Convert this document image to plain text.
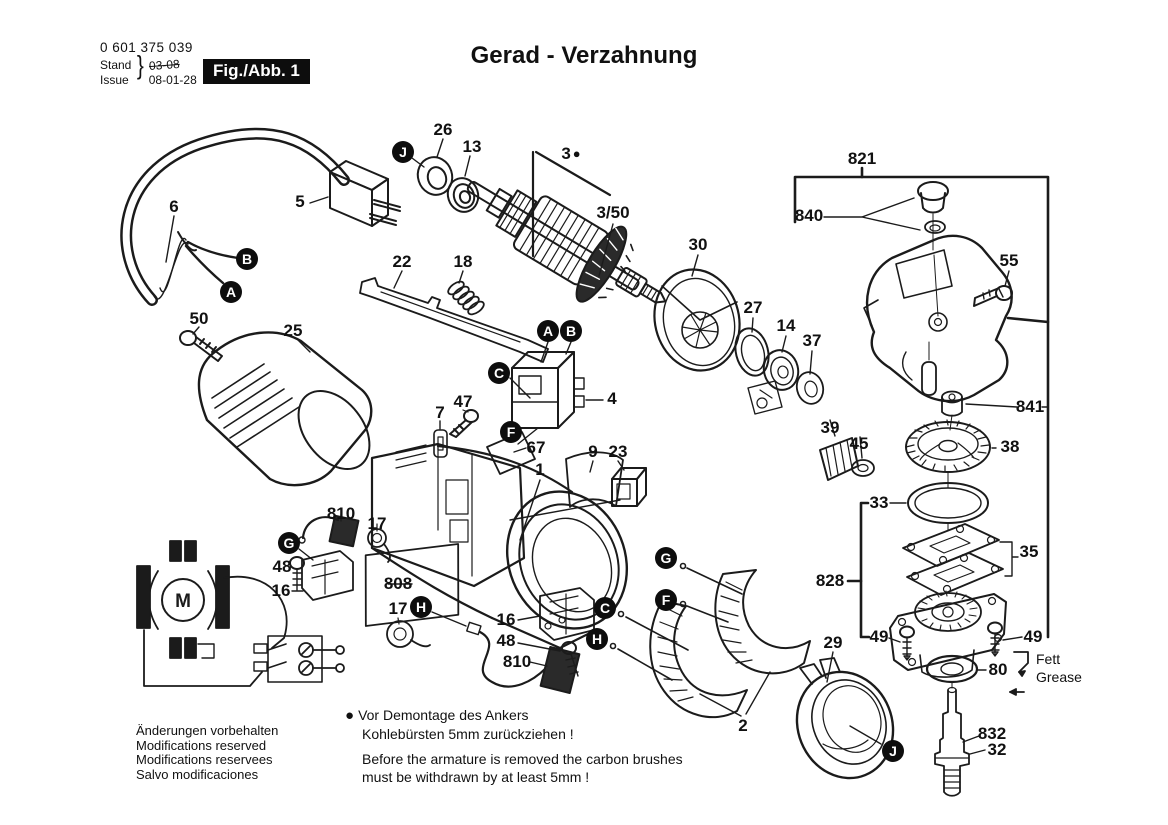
M
0 601 375 039
Stand
Issue } 03-08
08-01-28 Fig./Abb. 1
Gerad - Verzahnung
Fett
Grease
Änderungen vorbehalten
Modifications reserved
Modifications reservees
Salvo modificaciones
● Vor Demontage des Ankers
Kohlebürsten 5mm zurückziehen !
Before the armature is removed the carbon brushes
must be withdrawn by at least 5mm !
26
13	3 ●
3/50
821
840
55
841
30
27
14
37
39
45	38
33
35
828
49	49
80
832
32
29
6	5
50
25
22 18
4
47
7
67
1
9 23
810
17
48
16	808
17
16
48
810
2
J
B
A
A B
C
F
G
H
G
F
C
H
J
